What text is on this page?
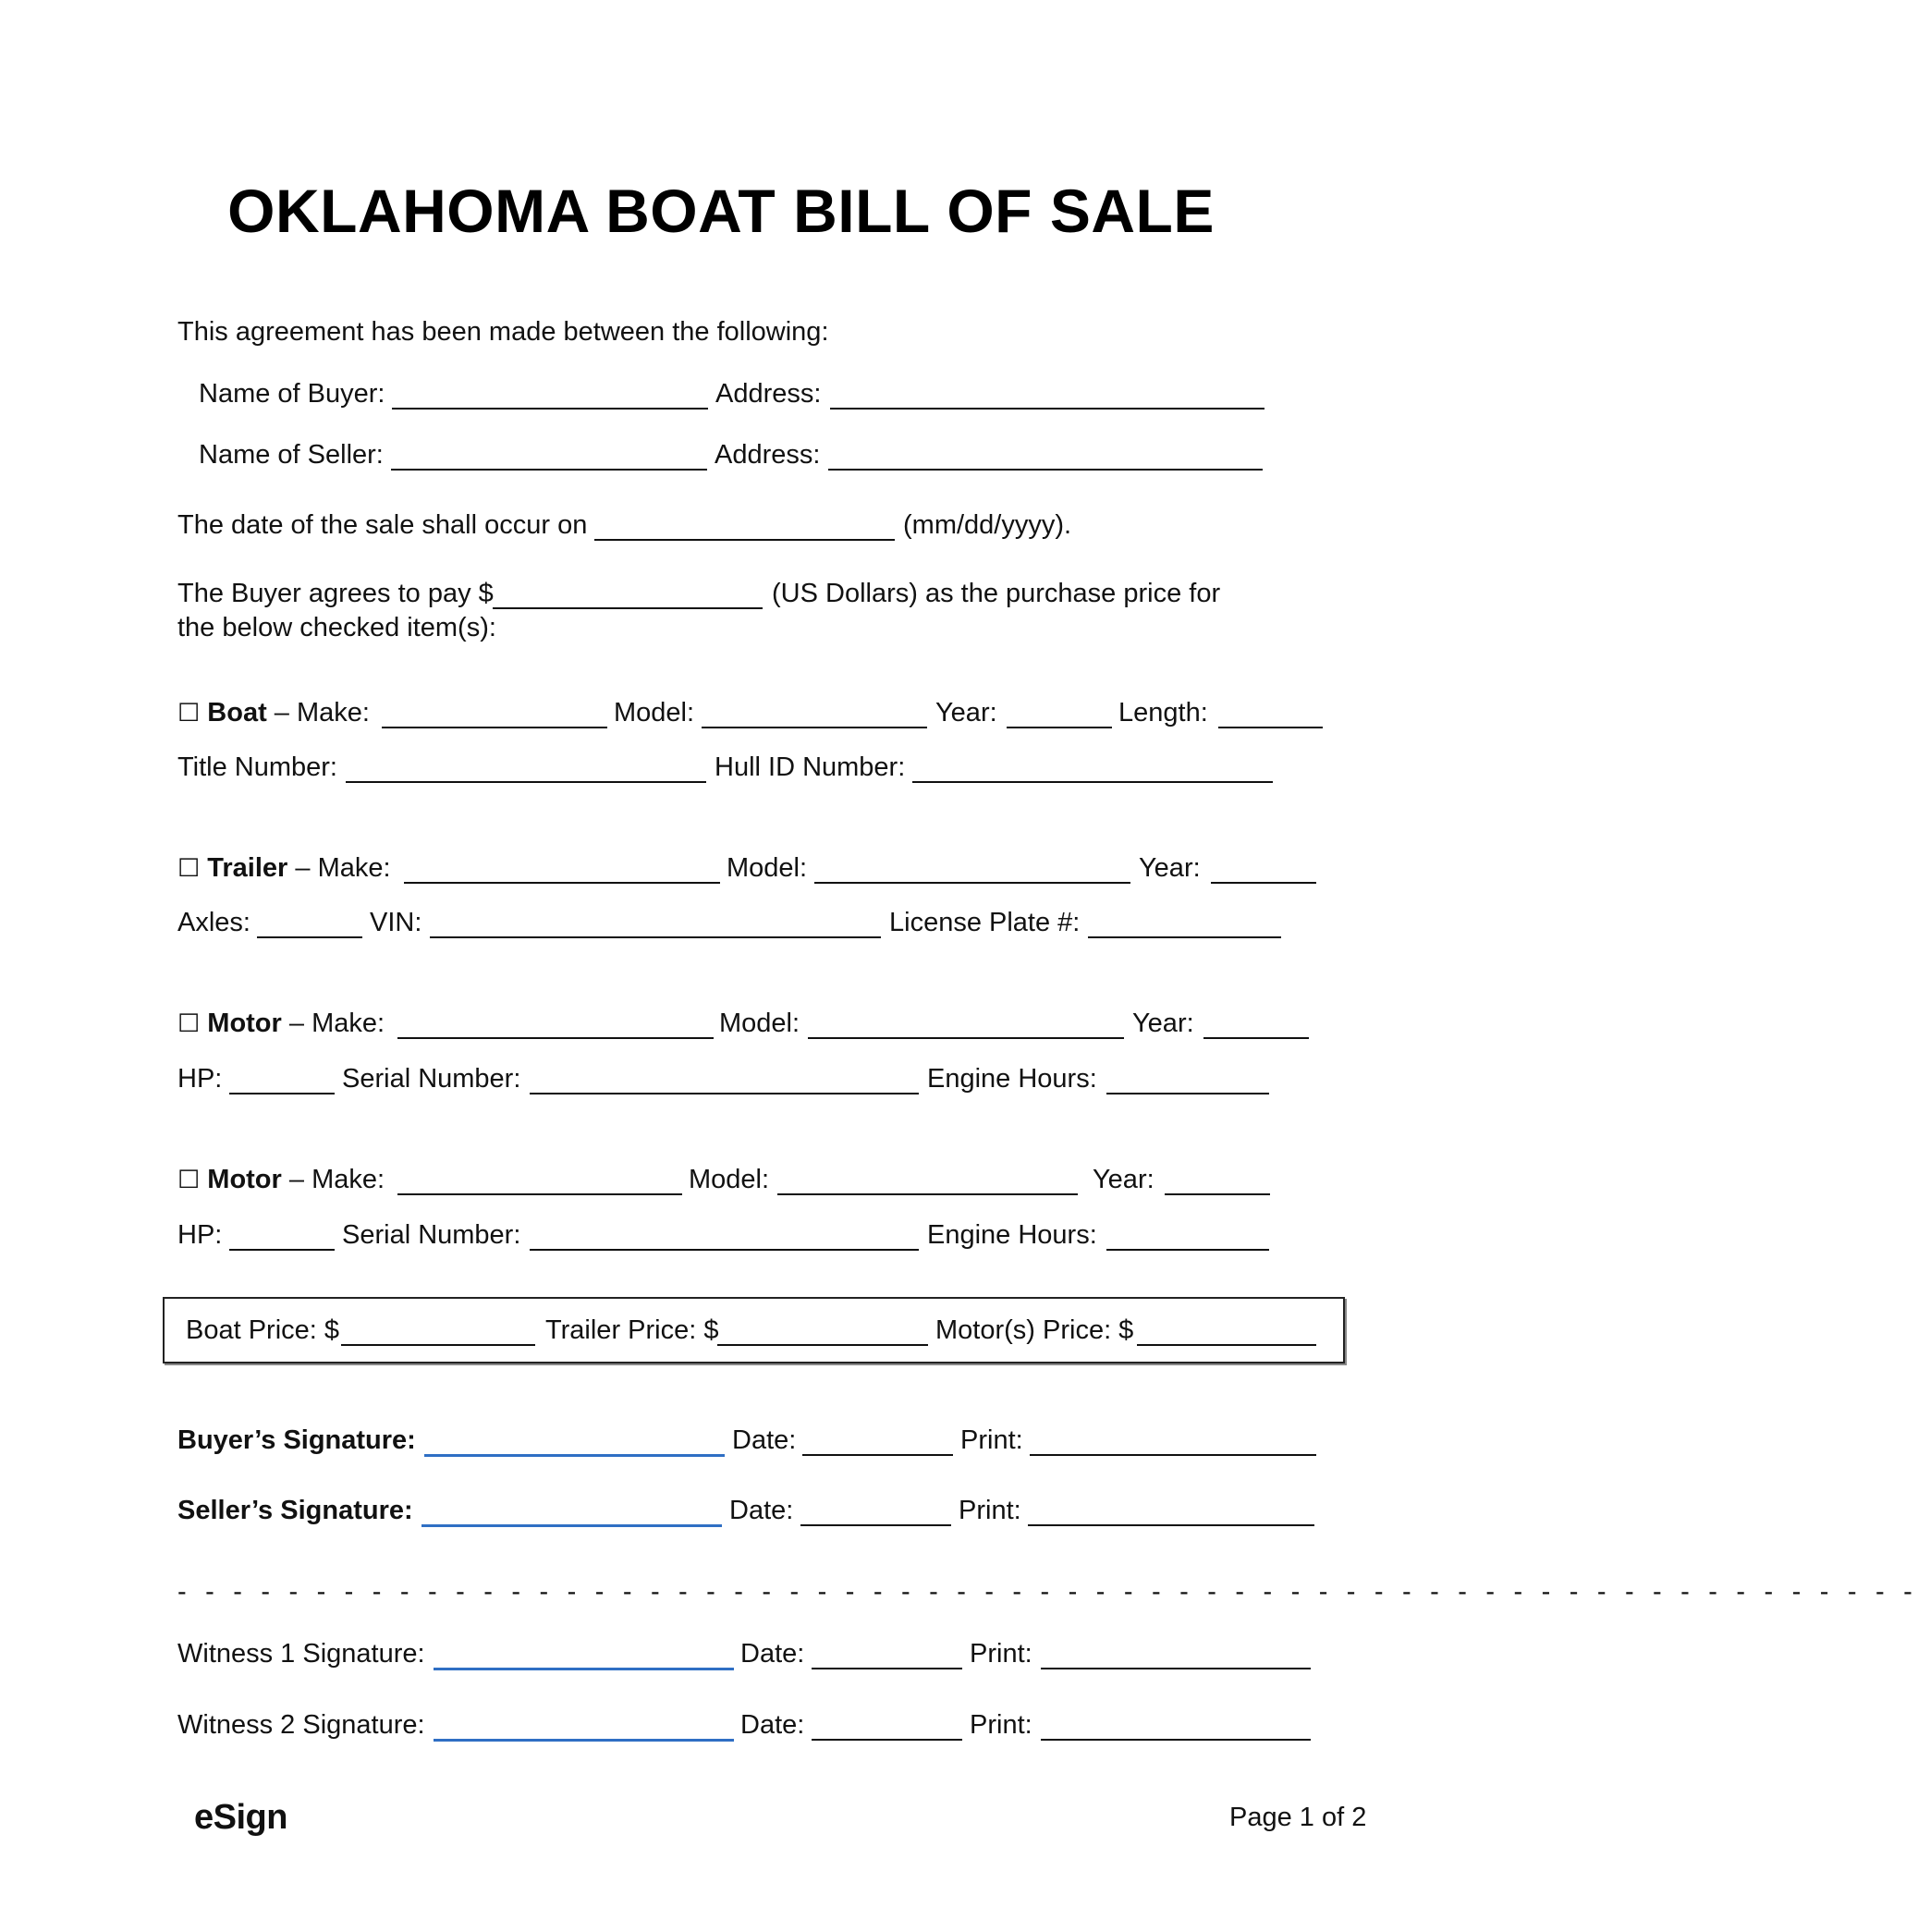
OKLAHOMA BOAT BILL OF SALE
This agreement has been made between the following:
Name of Buyer:	Address:
Name of Seller:	Address:
The date of the sale shall occur on	(mm/dd/yyyy).
The Buyer agrees to pay $	(US Dollars) as the purchase price for
the below checked item(s):
☐ Boat – Make:	Model:	Year:	Length:
Title Number:	Hull ID Number:
☐ Trailer – Make:	Model:	Year:
Axles:	VIN:	License Plate #:
☐ Motor – Make:	Model:	Year:
HP:	Serial Number:	Engine Hours:
☐ Motor – Make:	Model:	Year:
HP:	Serial Number:	Engine Hours:
Boat Price: $	Trailer Price: $	Motor(s) Price: $
Buyer’s Signature:	Date:	Print:
Seller’s Signature:	Date:	Print:
- - - - - - - - - - - - - - - - - - - - - - - - - - - - - - - - - - - - - - - - - - - - - - - - - - - - - - - - - - - - - - -
Witness 1 Signature:	Date:	Print:
Witness 2 Signature:	Date:	Print:
eSign	Page 1 of 2
